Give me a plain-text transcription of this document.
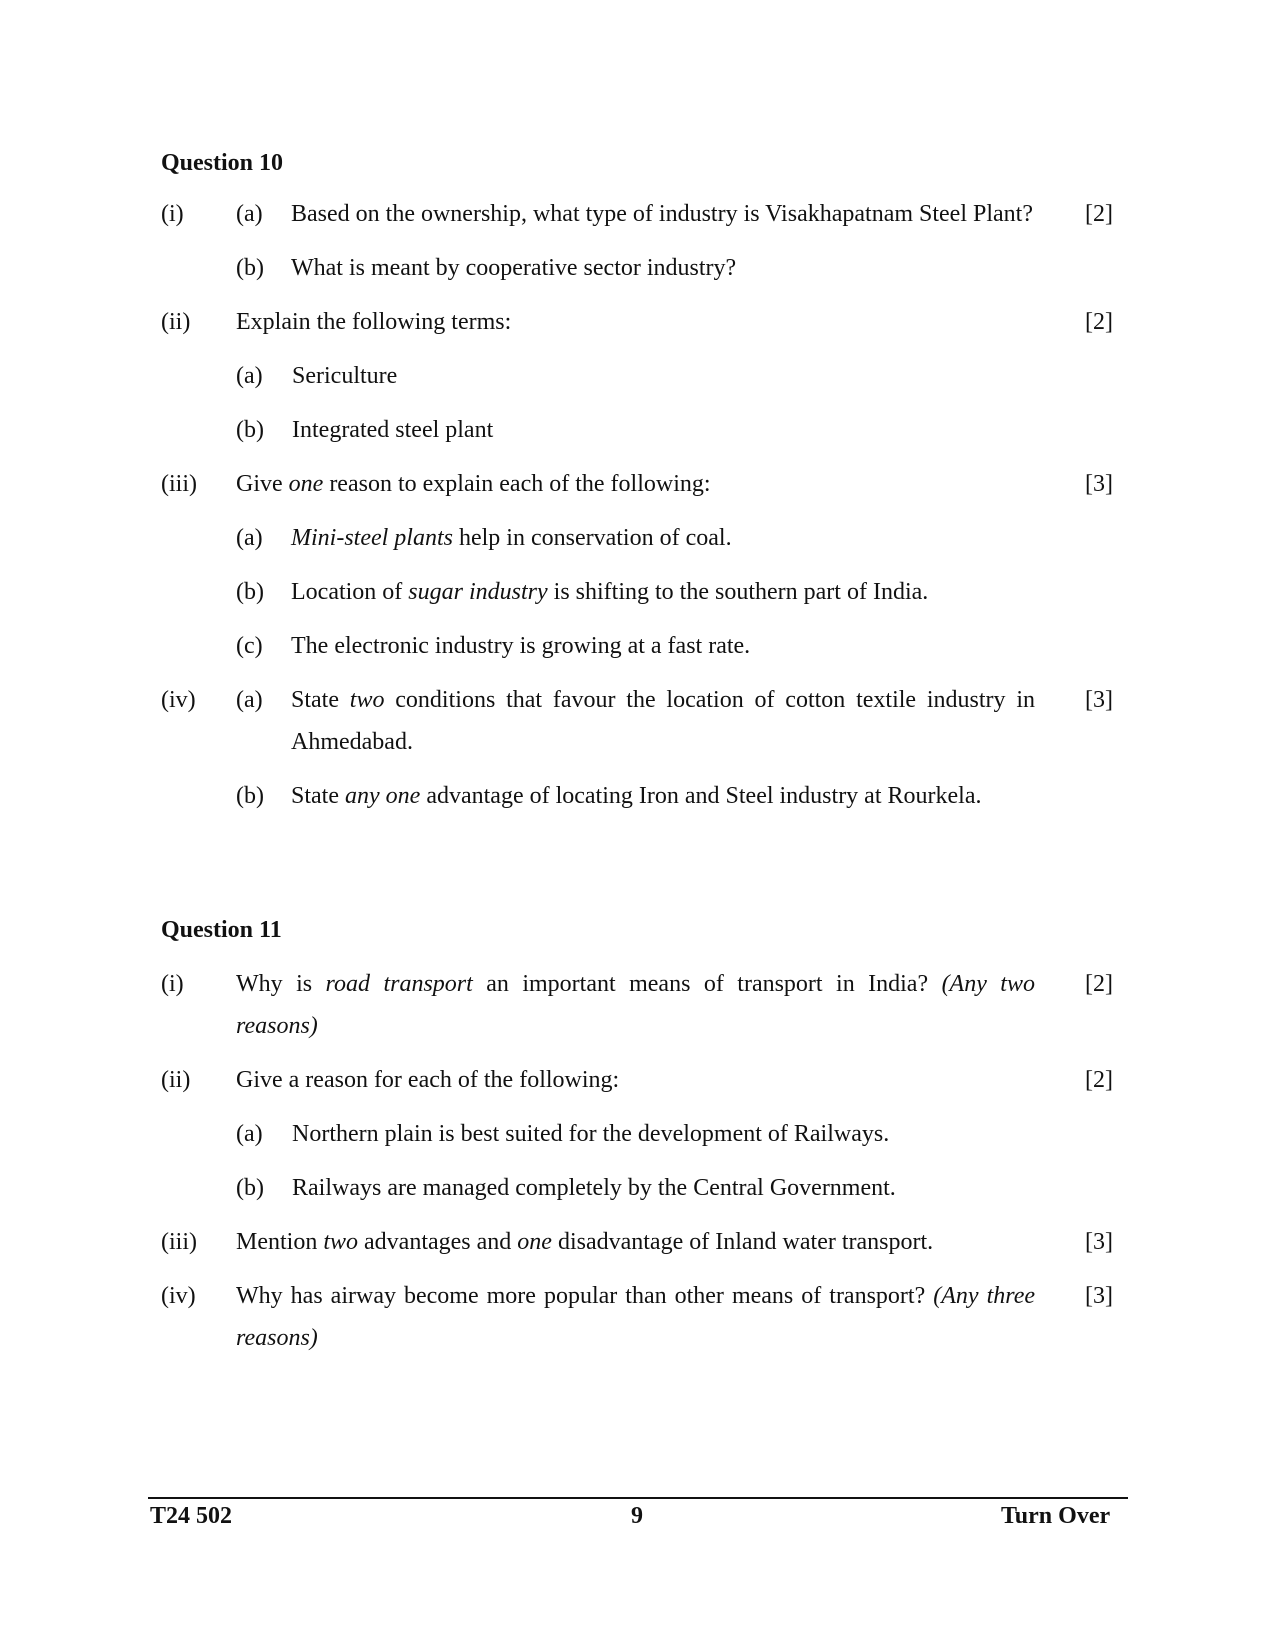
Question 10
(i) (a) Based on the ownership, what type of industry is Visakhapatnam Steel Plant? [2]
(b) What is meant by cooperative sector industry?
(ii) Explain the following terms:	[2]
(a) Sericulture
(b) Integrated steel plant
(iii) Give one reason to explain each of the following:	[3]
(a) Mini-steel plants help in conservation of coal.
(b) Location of sugar industry is shifting to the southern part of India.
(c) The electronic industry is growing at a fast rate.
(iv) (a) State two conditions that favour the location of cotton textile industry in [3]
Ahmedabad.
(b) State any one advantage of locating Iron and Steel industry at Rourkela.
Question 11
(i) Why is road transport an important means of transport in India? (Any two [2]
reasons)
(ii) Give a reason for each of the following:	[2]
(a) Northern plain is best suited for the development of Railways.
(b) Railways are managed completely by the Central Government.
(iii) Mention two advantages and one disadvantage of Inland water transport.	[3]
(iv) Why has airway become more popular than other means of transport? (Any three [3]
reasons)
T24 502	9	Turn Over
